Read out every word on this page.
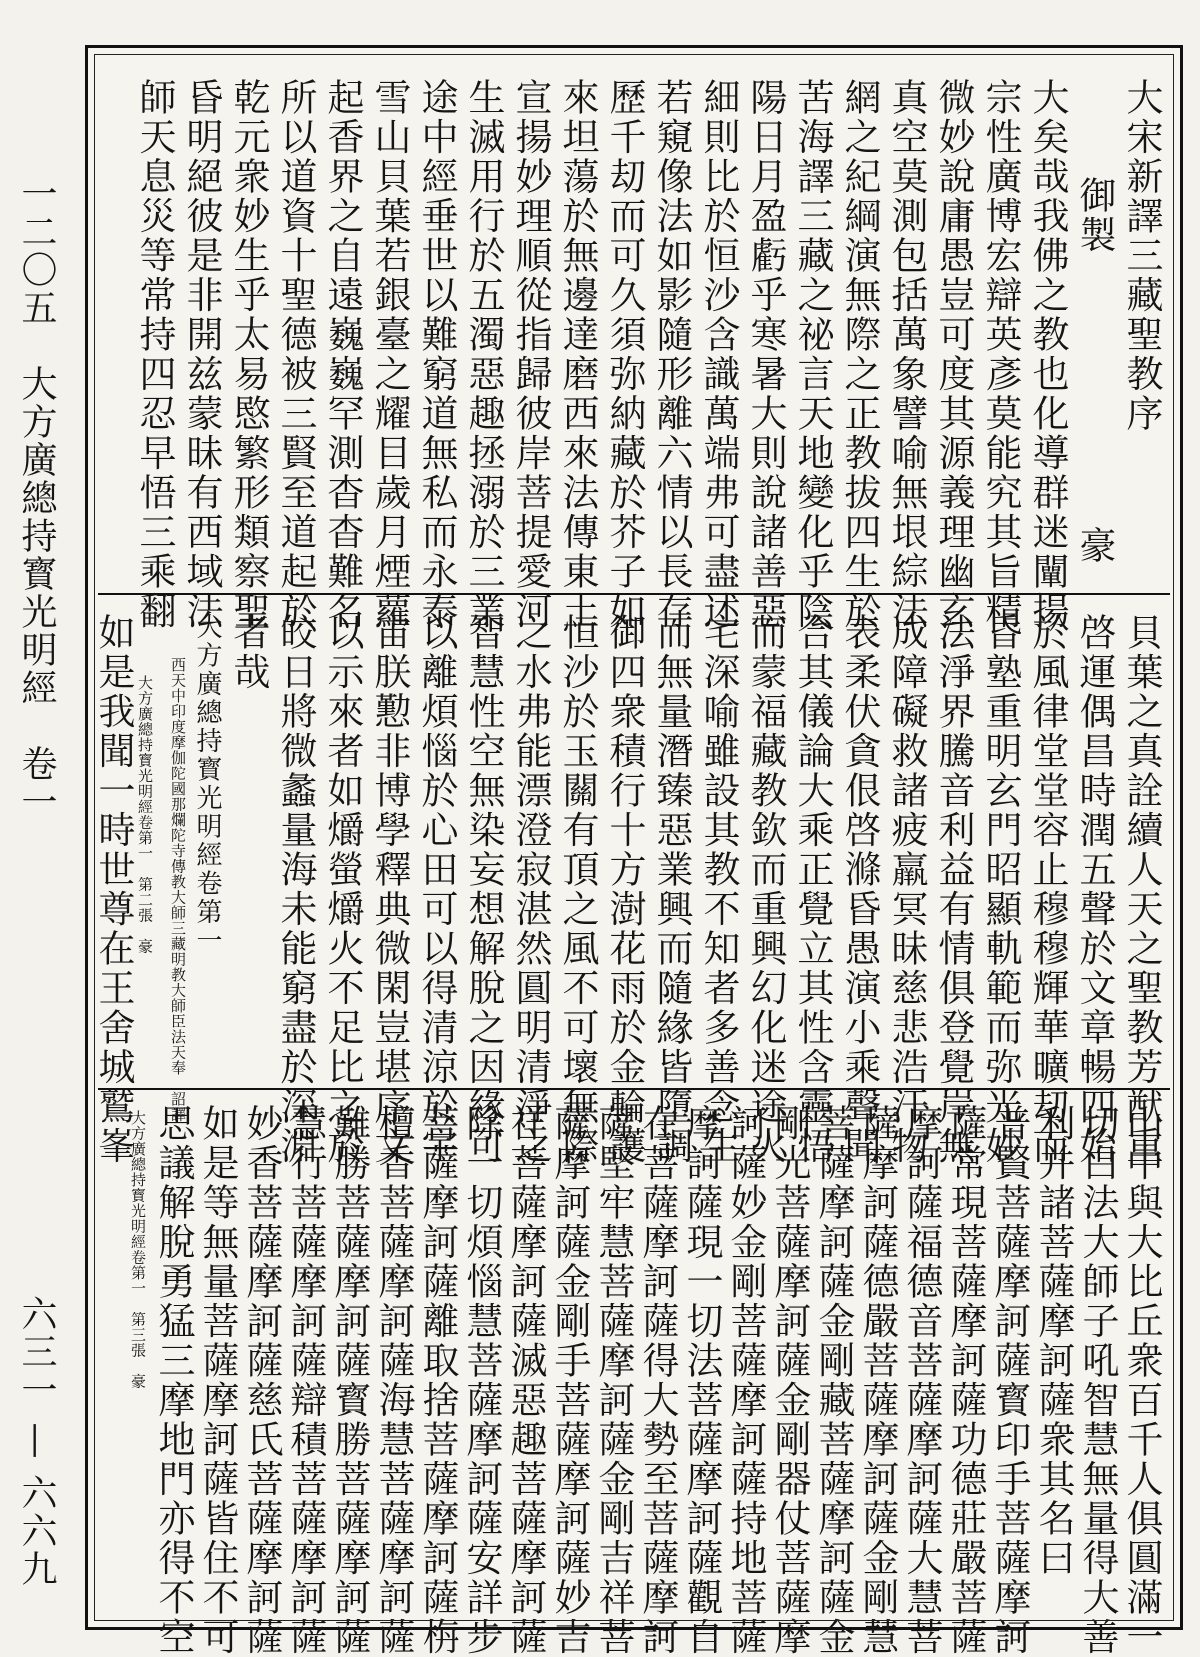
一二〇五　大方廣總持寳光明經　卷一
六三一 — 六六九
大宋新譯三藏聖教序
御製
大矣哉我佛之教也化導群迷闡揚
宗性廣博宏辯英彥莫能究其旨精
微妙說庸愚豈可度其源義理幽玄
真空莫測包括萬象譬喻無垠綜法
網之紀綱演無際之正教拔四生於
苦海譯三藏之祕言天地變化乎陰
陽日月盈虧乎寒暑大則說諸善惡
細則比於恒沙含識萬端弗可盡述
若窺像法如影隨形離六情以長存
歷千刧而可久須弥納藏於芥子如
來坦蕩於無邊達磨西來法傳東土
宣揚妙理順從指歸彼岸菩提愛河
生滅用行於五濁惡趣拯溺於三業
途中經垂世以難窮道無私而永泰
雪山貝葉若銀臺之耀目歲月煙蘿
起香界之自遠巍巍罕測杳杳難名
所以道資十聖德被三賢至道起於
乾元衆妙生乎太易愍繁形類察聖
昏明絕彼是非開兹蒙昧有西域法
師天息災等常持四忍早悟三乘翻	豪
貝葉之真詮續人天之聖教芳猷重
啓運偶昌時潤五聲於文章暢四始
於風律堂堂容止穆穆輝華曠刧而
昏塾重明玄門昭顯軌範而弥光妙
法淨界騰音利益有情俱登覺岸無
成障礙救諸疲羸冥昧慈悲浩汗物
表柔伏貪佷啓滌昏愚演小乘聲聞
合其儀論大乘正覺立其性含靈悟
而蒙福藏教欽而重興幻化迷途火
宅深喻雖設其教不知者多善念生
而無量潛臻惡業興而隨緣皆墮調
御四衆積行十方澍花雨於金輪護
恒沙於玉關有頂之風不可壞無際
之水弗能漂澄寂湛然圓明清淨之
智慧性空無染妄想解脫之因緣可
以離煩惱於心田可以得清涼於宇
宙朕懃非博學釋典微閑豈堪序文
以示來者如爝螢爝火不足比之於
皎日將微蠡量海未能窮盡於深淵
者哉
大方廣總持寳光明經卷第一
西天中印度摩伽陀國那爛陀寺傳教大師三藏明教大師臣法天奉　詔譯
大方廣總持寳光明經卷第一　第二張　豪
如是我聞一時世尊在王舍城鷲峯
山中與大比丘衆百千人俱圓滿一
切白法大師子吼智慧無量得大善
利并諸菩薩摩訶薩衆其名曰
普賢菩薩摩訶薩寳印手菩薩摩訶
薩常現菩薩摩訶薩功德莊嚴菩薩
摩訶薩福德音菩薩摩訶薩大慧菩
薩摩訶薩德嚴菩薩摩訶薩金剛慧
菩薩摩訶薩金剛藏菩薩摩訶薩金
剛光菩薩摩訶薩金剛器仗菩薩摩
訶薩妙金剛菩薩摩訶薩持地菩薩
摩訶薩現一切法菩薩摩訶薩觀自
在菩薩摩訶薩得大勢至菩薩摩訶
薩堅牢慧菩薩摩訶薩金剛吉祥菩
薩摩訶薩金剛手菩薩摩訶薩妙吉
祥菩薩摩訶薩滅惡趣菩薩摩訶薩
除一切煩惱慧菩薩摩訶薩安詳步
菩薩摩訶薩離取捨菩薩摩訶薩栴
檀香菩薩摩訶薩海慧菩薩摩訶薩
難勝菩薩摩訶薩寳勝菩薩摩訶薩
慧行菩薩摩訶薩辯積菩薩摩訶薩
妙香菩薩摩訶薩慈氏菩薩摩訶薩
如是等無量菩薩摩訶薩皆住不可
思議解脫勇猛三摩地門亦得不空
大方廣總持寳光明經卷第一　第三張　豪
